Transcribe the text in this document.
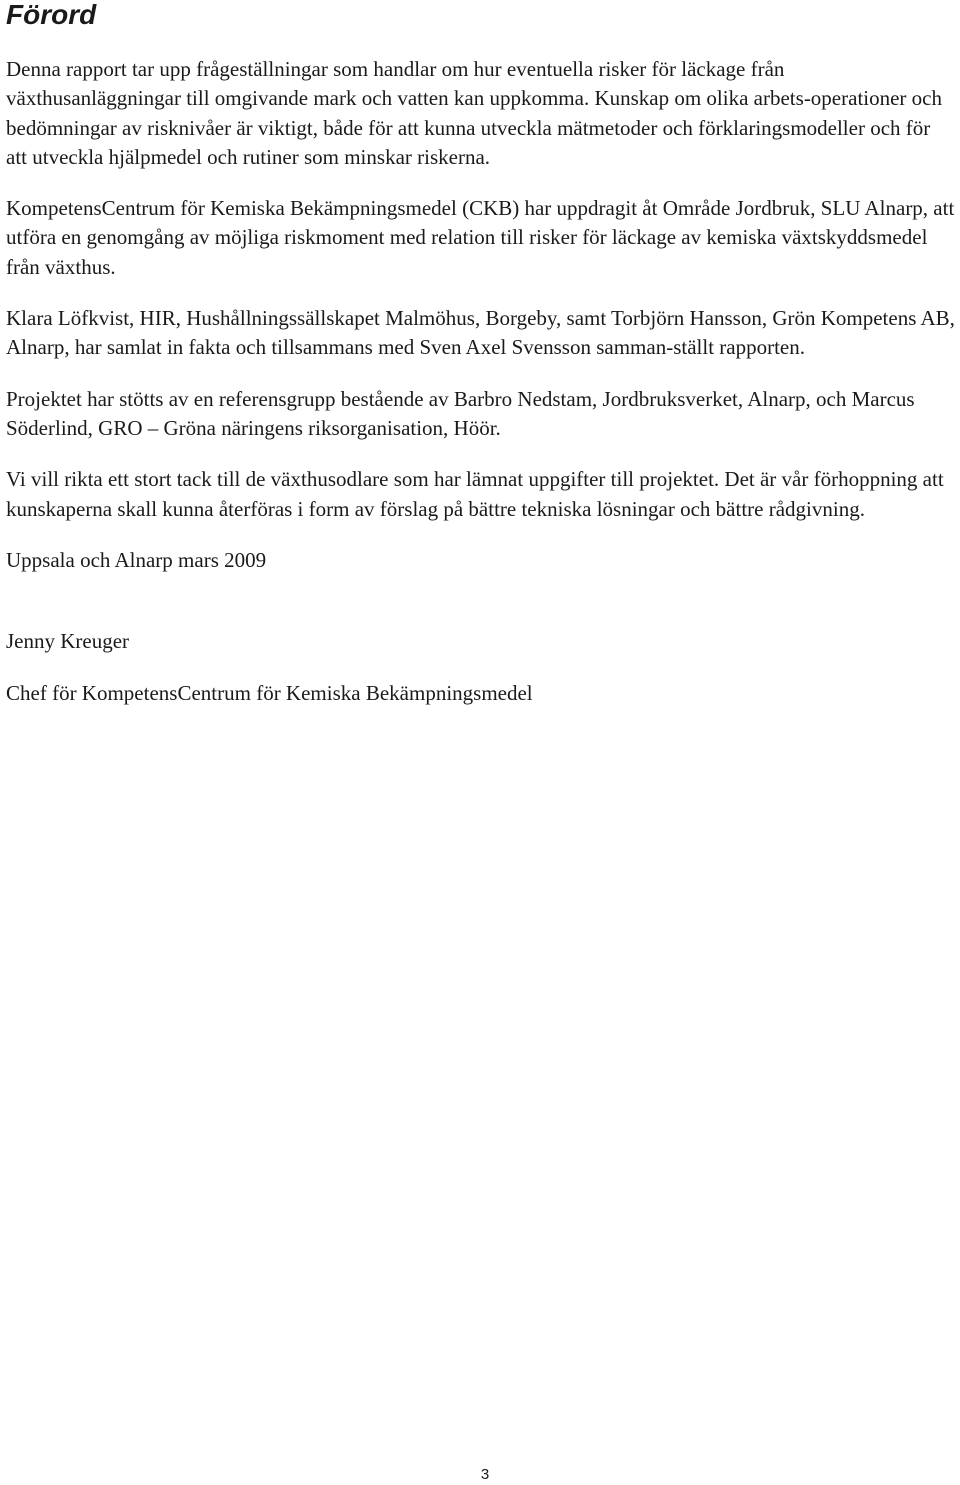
Förord

Denna rapport tar upp frågeställningar som handlar om hur eventuella risker för läckage från växthusanläggningar till omgivande mark och vatten kan uppkomma. Kunskap om olika arbets-operationer och bedömningar av risknivåer är viktigt, både för att kunna utveckla mätmetoder och förklaringsmodeller och för att utveckla hjälpmedel och rutiner som minskar riskerna.

KompetensCentrum för Kemiska Bekämpningsmedel (CKB) har uppdragit åt Område Jordbruk, SLU Alnarp, att utföra en genomgång av möjliga riskmoment med relation till risker för läckage av kemiska växtskyddsmedel från växthus.

Klara Löfkvist, HIR, Hushållningssällskapet Malmöhus, Borgeby, samt Torbjörn Hansson, Grön Kompetens AB, Alnarp, har samlat in fakta och tillsammans med Sven Axel Svensson samman-ställt rapporten.

Projektet har stötts av en referensgrupp bestående av Barbro Nedstam, Jordbruksverket, Alnarp, och Marcus Söderlind, GRO – Gröna näringens riksorganisation, Höör.

Vi vill rikta ett stort tack till de växthusodlare som har lämnat uppgifter till projektet. Det är vår förhoppning att kunskaperna skall kunna återföras i form av förslag på bättre tekniska lösningar och bättre rådgivning.

Uppsala och Alnarp mars 2009

Jenny Kreuger

Chef för KompetensCentrum för Kemiska Bekämpningsmedel

3
